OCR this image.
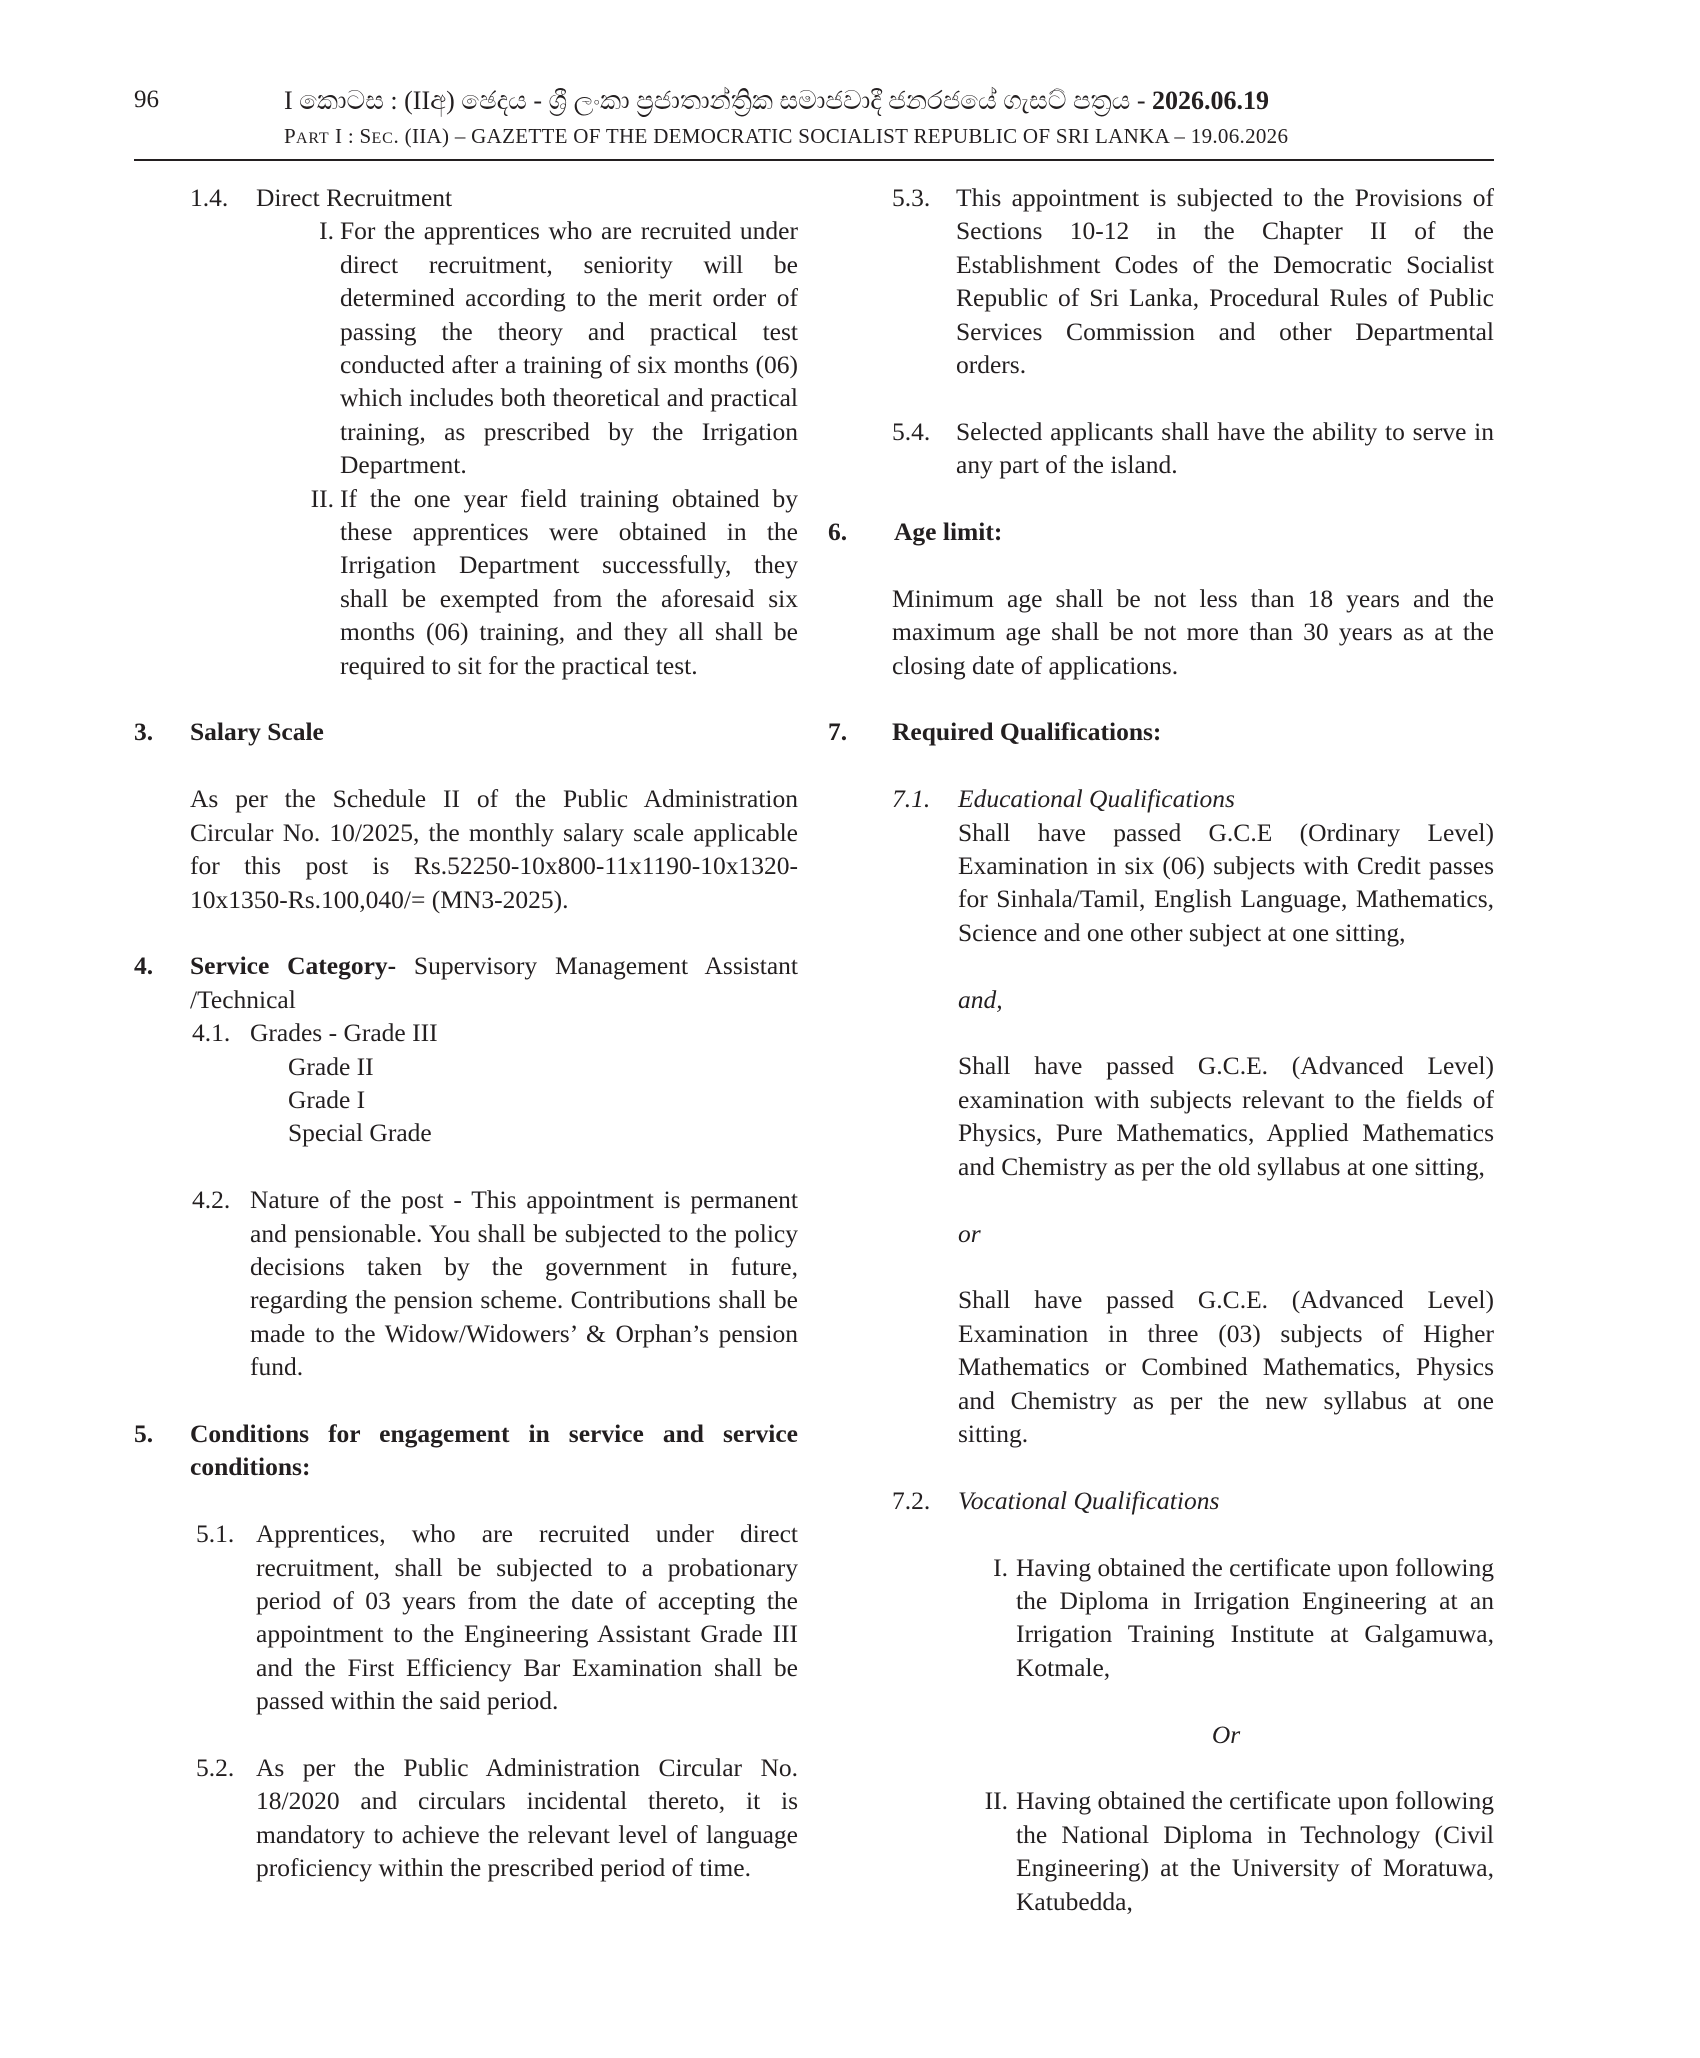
96	I කොටස : (IIඅ) ඡෙදය - ශ්‍රී ලංකා ප්‍රජාතාන්ත්‍රික සමාජවාදී ජනරජයේ ගැසට් පත්‍රය - 2026.06.19
PART I : SEC. (IIA) – GAZETTE OF THE DEMOCRATIC SOCIALIST REPUBLIC OF SRI LANKA – 19.06.2026
1.4.	Direct Recruitment
I. For the apprentices who are recruited under direct recruitment, seniority will be determined according to the merit order of passing the theory and practical test conducted after a training of six months (06) which includes both theoretical and practical training, as prescribed by the Irrigation Department.
II. If the one year field training obtained by these apprentices were obtained in the Irrigation Department successfully, they shall be exempted from the aforesaid six months (06) training, and they all shall be required to sit for the practical test.
3.	Salary Scale
As per the Schedule II of the Public Administration Circular No. 10/2025, the monthly salary scale applicable for this post is Rs.52250-10x800-11x1190-10x1320-10x1350-Rs.100,040/= (MN3-2025).
4.	Service Category- Supervisory Management Assistant /Technical
4.1. Grades - Grade III
Grade II
Grade I
Special Grade
4.2. Nature of the post - This appointment is permanent and pensionable. You shall be subjected to the policy decisions taken by the government in future, regarding the pension scheme. Contributions shall be made to the Widow/Widowers’ & Orphan’s pension fund.
5.	Conditions for engagement in service and service conditions:
5.1. Apprentices, who are recruited under direct recruitment, shall be subjected to a probationary period of 03 years from the date of accepting the appointment to the Engineering Assistant Grade III and the First Efficiency Bar Examination shall be passed within the said period.
5.2. As per the Public Administration Circular No. 18/2020 and circulars incidental thereto, it is mandatory to achieve the relevant level of language proficiency within the prescribed period of time.
5.3.	This appointment is subjected to the Provisions of Sections 10-12 in the Chapter II of the Establishment Codes of the Democratic Socialist Republic of Sri Lanka, Procedural Rules of Public Services Commission and other Departmental orders.
5.4.	Selected applicants shall have the ability to serve in any part of the island.
6.	Age limit:
Minimum age shall be not less than 18 years and the maximum age shall be not more than 30 years as at the closing date of applications.
7.	Required Qualifications:
7.1.	Educational Qualifications

Shall have passed G.C.E (Ordinary Level) Examination in six (06) subjects with Credit passes for Sinhala/Tamil, English Language, Mathematics, Science and one other subject at one sitting,

and,

Shall have passed G.C.E. (Advanced Level) examination with subjects relevant to the fields of Physics, Pure Mathematics, Applied Mathematics and Chemistry as per the old syllabus at one sitting,

or

Shall have passed G.C.E. (Advanced Level) Examination in three (03) subjects of Higher Mathematics or Combined Mathematics, Physics and Chemistry as per the new syllabus at one sitting.

7.2.	Vocational Qualifications
I. Having obtained the certificate upon following the Diploma in Irrigation Engineering at an Irrigation Training Institute at Galgamuwa, Kotmale,
Or
II. Having obtained the certificate upon following the National Diploma in Technology (Civil Engineering) at the University of Moratuwa, Katubedda,
